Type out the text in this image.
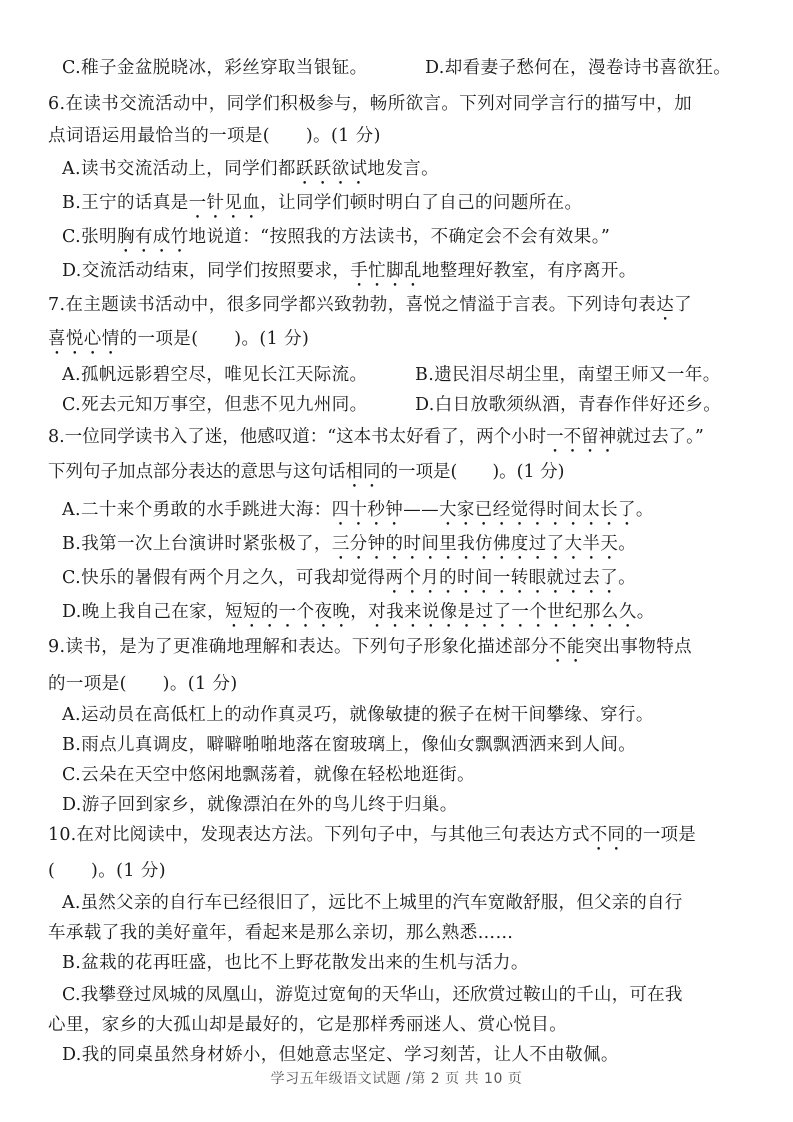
C.稚子金盆脱晓冰，彩丝穿取当银钲。	D.却看妻子愁何在，漫卷诗书喜欲狂。
6.在读书交流活动中，同学们积极参与，畅所欲言。下列对同学言行的描写中，加
点词语运用最恰当的一项是(　　)。(1 分)
A.读书交流活动上，同学们都跃跃欲试地发言。
B.王宁的话真是一针见血，让同学们顿时明白了自己的问题所在。
C.张明胸有成竹地说道：“按照我的方法读书，不确定会不会有效果。”
D.交流活动结束，同学们按照要求，手忙脚乱地整理好教室，有序离开。
7.在主题读书活动中，很多同学都兴致勃勃，喜悦之情溢于言表。下列诗句表达了
喜悦心情的一项是(　　)。(1 分)
A.孤帆远影碧空尽，唯见长江天际流。	B.遗民泪尽胡尘里，南望王师又一年。
C.死去元知万事空，但悲不见九州同。	D.白日放歌须纵酒，青春作伴好还乡。
8.一位同学读书入了迷，他感叹道：“这本书太好看了，两个小时一不留神就过去了。”
下列句子加点部分表达的意思与这句话相同的一项是(　　)。(1 分)
A.二十来个勇敢的水手跳进大海：四十秒钟——大家已经觉得时间太长了。
B.我第一次上台演讲时紧张极了，三分钟的时间里我仿佛度过了大半天。
C.快乐的暑假有两个月之久，可我却觉得两个月的时间一转眼就过去了。
D.晚上我自己在家，短短的一个夜晚，对我来说像是过了一个世纪那么久。
9.读书，是为了更准确地理解和表达。下列句子形象化描述部分不能突出事物特点
的一项是(　　)。(1 分)
A.运动员在高低杠上的动作真灵巧，就像敏捷的猴子在树干间攀缘、穿行。
B.雨点儿真调皮，噼噼啪啪地落在窗玻璃上，像仙女飘飘洒洒来到人间。
C.云朵在天空中悠闲地飘荡着，就像在轻松地逛街。
D.游子回到家乡，就像漂泊在外的鸟儿终于归巢。
10.在对比阅读中，发现表达方法。下列句子中，与其他三句表达方式不同的一项是
(　　)。(1 分)
A.虽然父亲的自行车已经很旧了，远比不上城里的汽车宽敞舒服，但父亲的自行
车承载了我的美好童年，看起来是那么亲切，那么熟悉……
B.盆栽的花再旺盛，也比不上野花散发出来的生机与活力。
C.我攀登过凤城的凤凰山，游览过宽甸的天华山，还欣赏过鞍山的千山，可在我
心里，家乡的大孤山却是最好的，它是那样秀丽迷人、赏心悦目。
D.我的同桌虽然身材娇小，但她意志坚定、学习刻苦，让人不由敬佩。
学习五年级语文试题 /第 2 页 共 10 页
